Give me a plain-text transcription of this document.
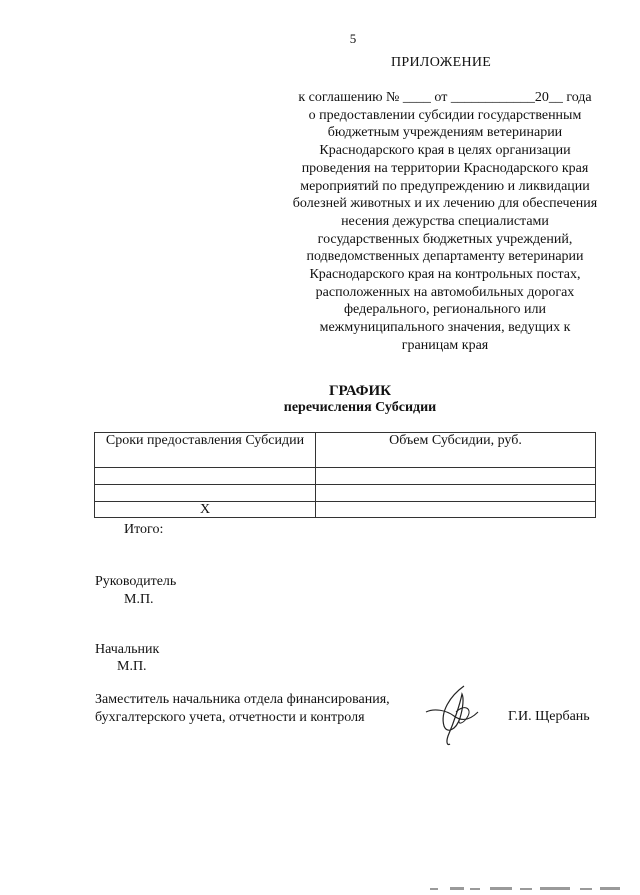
5
ПРИЛОЖЕНИЕ
к соглашению № ____ от ____________20__ года
о предоставлении субсидии государственным
бюджетным учреждениям ветеринарии
Краснодарского края в целях организации
проведения на территории Краснодарского края
мероприятий по предупреждению и ликвидации
болезней животных и их лечению для обеспечения
несения дежурства специалистами
государственных бюджетных учреждений,
подведомственных департаменту ветеринарии
Краснодарского края на контрольных постах,
расположенных на автомобильных дорогах
федерального, регионального или
межмуниципального значения, ведущих к
границам края
ГРАФИК
перечисления Субсидии
Сроки предоставления Субсидии	Объем Субсидии, руб.

Х	
Итого:
Руководитель
М.П.
Начальник
М.П.
Заместитель начальника отдела финансирования,
бухгалтерского учета, отчетности и контроля	Г.И. Щербань
